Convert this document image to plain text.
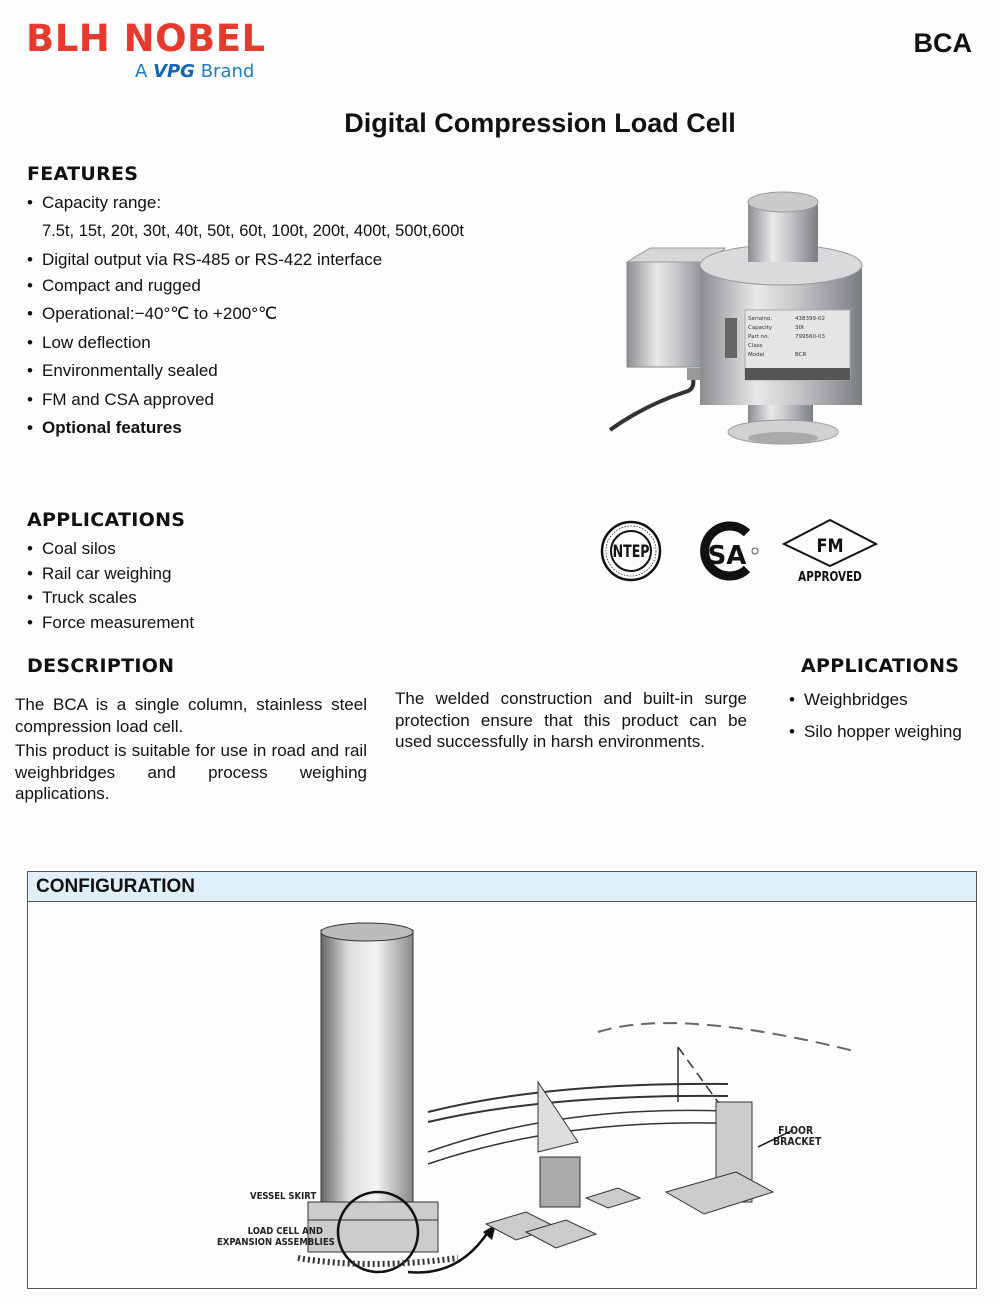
BLH NOBEL
A VPG Brand
BCA
Digital Compression Load Cell
FEATURES
• Capacity range:
7.5t, 15t, 20t, 30t, 40t, 50t, 60t, 100t, 200t, 400t, 500t,600t
• Digital output via RS-485 or RS-422 interface
• Compact and rugged
• Operational:−40°℃ to +200°℃
• Low deflection
• Environmentally sealed
• FM and CSA approved
• Optional features
Serialno.	438399-02
Capacity	30t
Part no.	799560-03
Class
Model	BCR
APPLICATIONS
• Coal silos
• Rail car weighing
• Truck scales
• Force measurement
NTEP SA	FM
APPROVED
DESCRIPTION

The BCA is a single column, stainless steel compression load cell.

This product is suitable for use in road and rail weighbridges and process weighing applications.

The welded construction and built-in surge protection ensure that this product can be used successfully in harsh environments.

APPLICATIONS
• Weighbridges
• Silo hopper weighing
CONFIGURATION
VESSEL SKIRT
LOAD CELL AND
EXPANSION ASSEMBLIES
FLOOR
BRACKET
